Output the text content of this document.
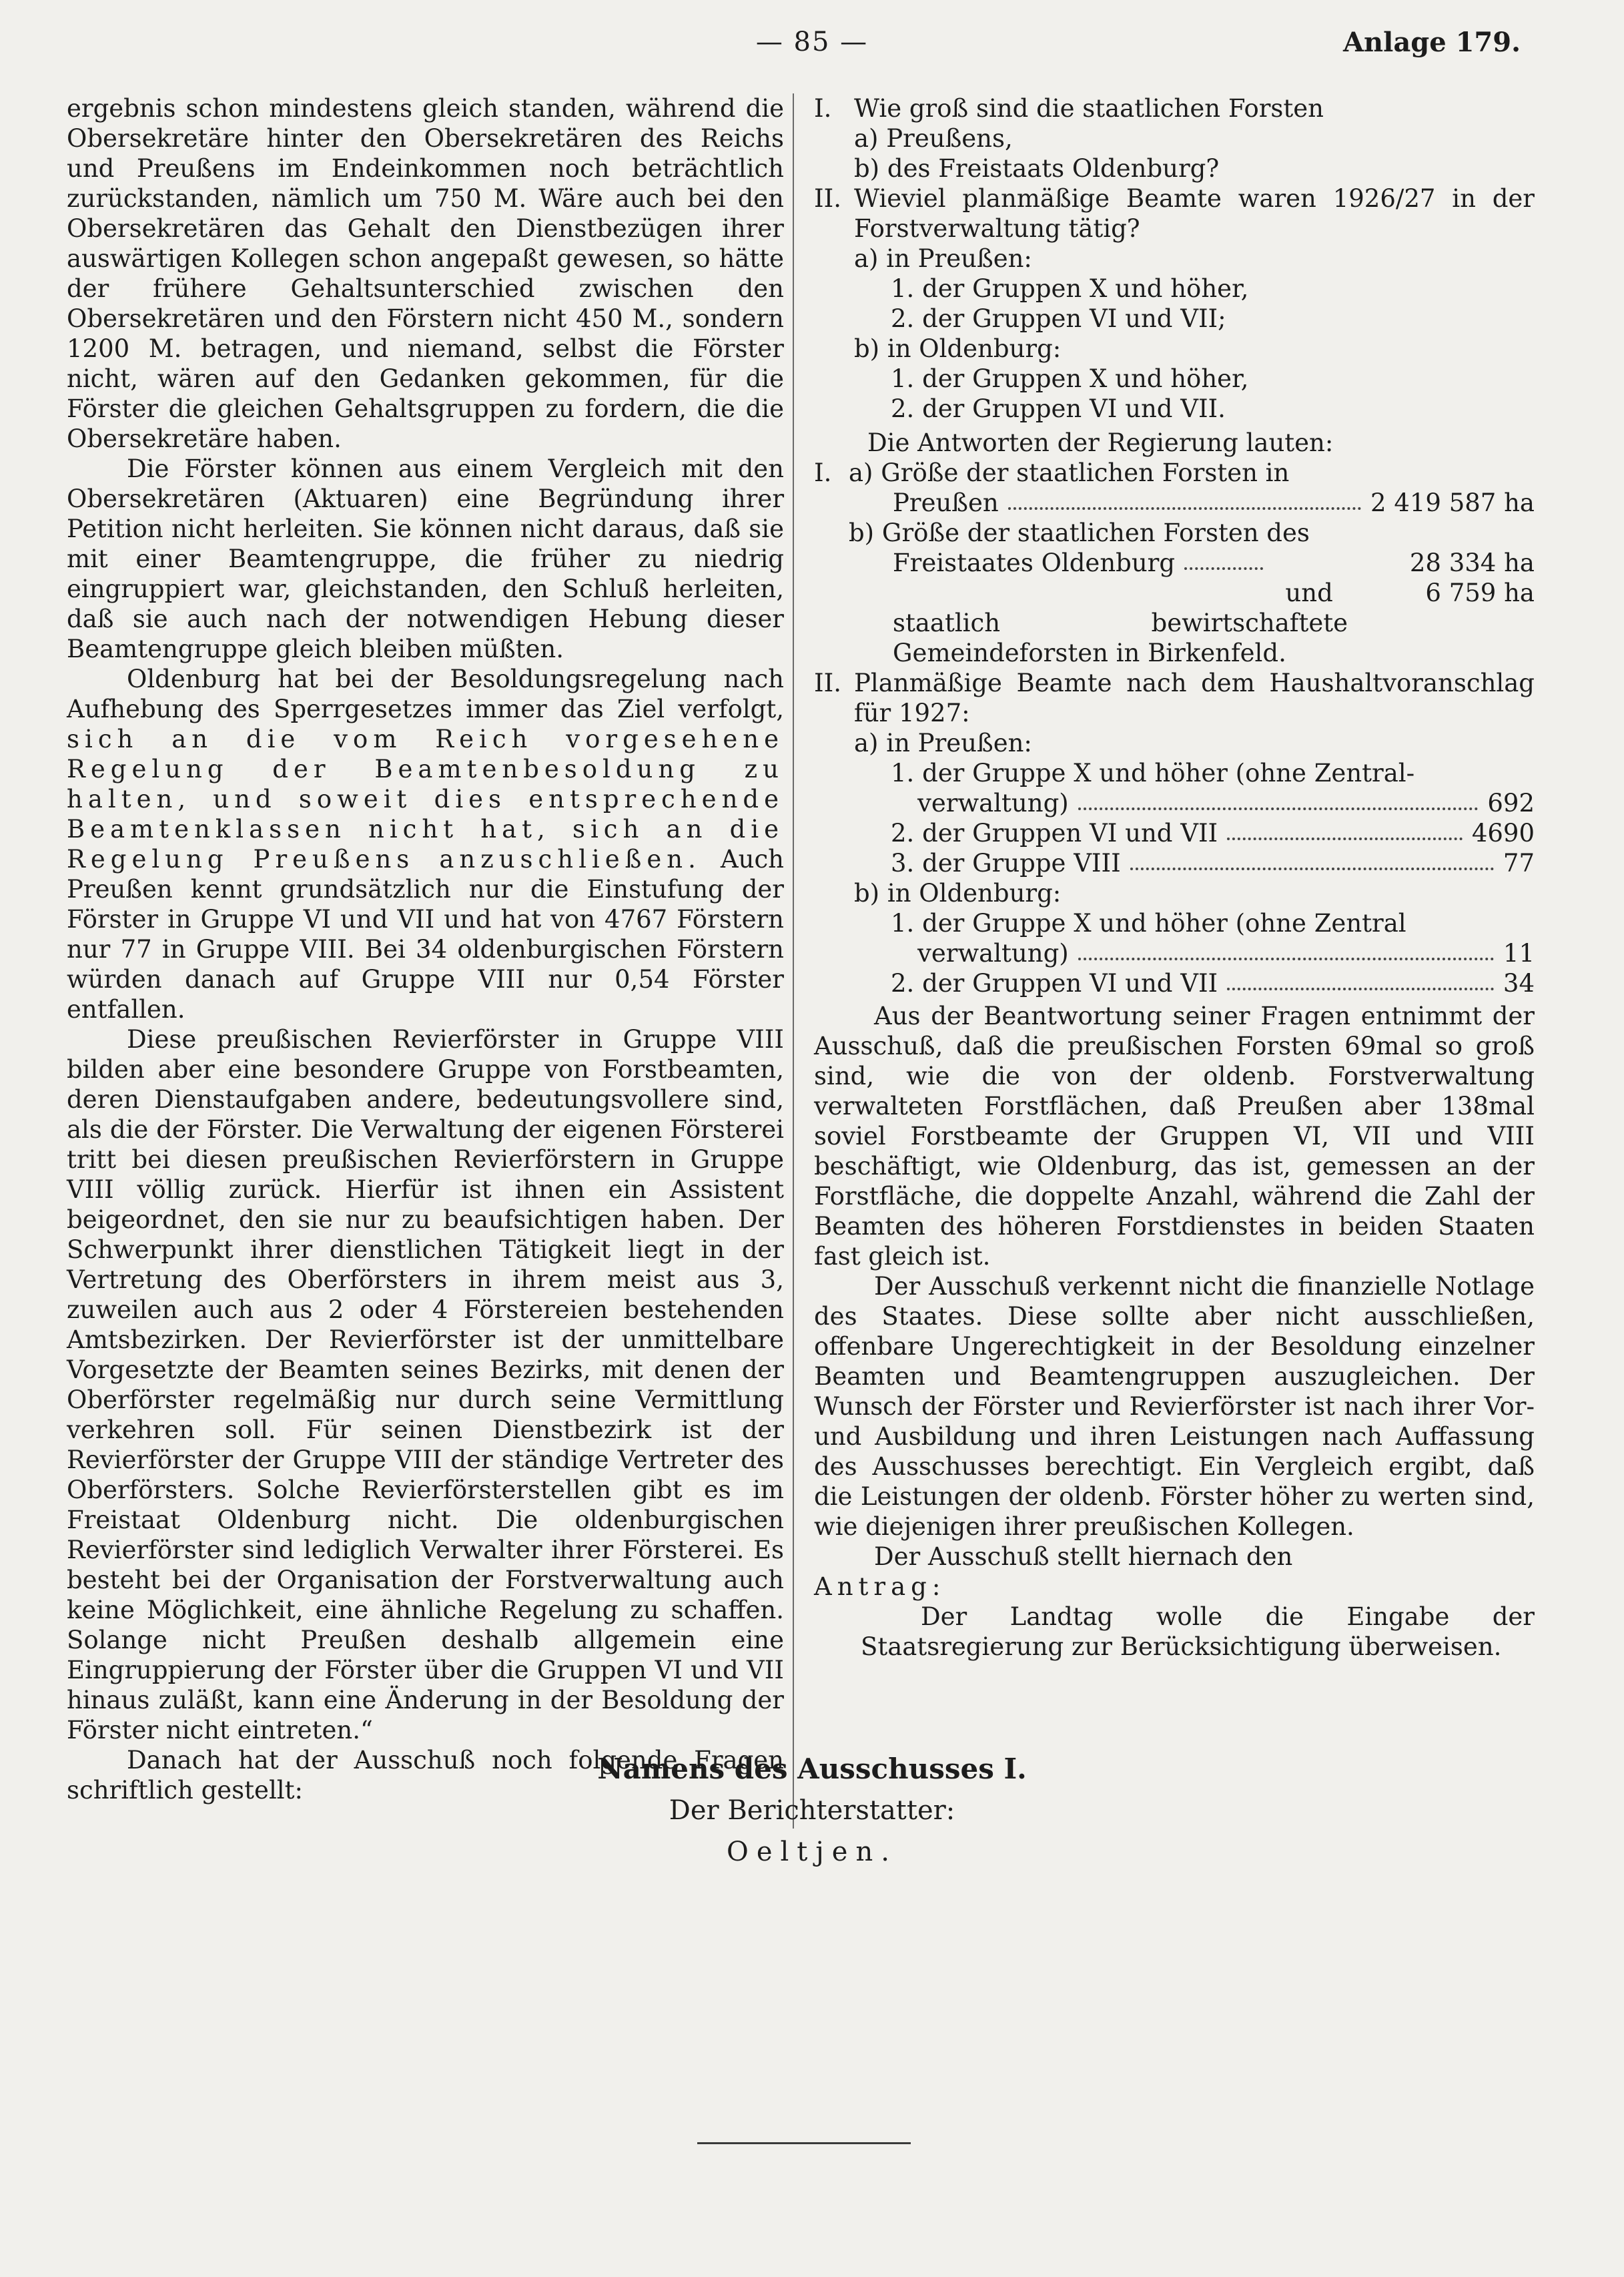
— 85 —	Anlage 179.

ergebnis schon mindestens gleich standen, während die Obersekretäre hinter den Obersekretären des Reichs und Preußens im Endeinkommen noch beträchtlich zurückstanden, nämlich um 750 M. Wäre auch bei den Obersekretären das Gehalt den Dienstbezügen ihrer auswärtigen Kollegen schon angepaßt gewesen, so hätte der frühere Gehaltsunterschied zwischen den Obersekretären und den Förstern nicht 450 M., sondern 1200 M. betragen, und niemand, selbst die Förster nicht, wären auf den Gedanken gekommen, für die Förster die gleichen Gehaltsgruppen zu fordern, die die Obersekretäre haben.

Die Förster können aus einem Vergleich mit den Obersekretären (Aktuaren) eine Begründung ihrer Petition nicht herleiten. Sie können nicht daraus, daß sie mit einer Beamtengruppe, die früher zu niedrig eingruppiert war, gleichstanden, den Schluß herleiten, daß sie auch nach der notwendigen Hebung dieser Beamtengruppe gleich bleiben müßten.

Oldenburg hat bei der Besoldungsregelung nach Aufhebung des Sperrgesetzes immer das Ziel verfolgt, sich an die vom Reich vorgesehene Regelung der Beamtenbesoldung zu halten, und soweit dies entsprechende Beamtenklassen nicht hat, sich an die Regelung Preußens anzuschließen. Auch Preußen kennt grundsätzlich nur die Einstufung der Förster in Gruppe VI und VII und hat von 4767 Förstern nur 77 in Gruppe VIII. Bei 34 oldenburgischen Förstern würden danach auf Gruppe VIII nur 0,54 Förster entfallen.

Diese preußischen Revierförster in Gruppe VIII bilden aber eine besondere Gruppe von Forstbeamten, deren Dienstaufgaben andere, bedeutungsvollere sind, als die der Förster. Die Verwaltung der eigenen Försterei tritt bei diesen preußischen Revierförstern in Gruppe VIII völlig zurück. Hierfür ist ihnen ein Assistent beigeordnet, den sie nur zu beaufsichtigen haben. Der Schwerpunkt ihrer dienstlichen Tätigkeit liegt in der Vertretung des Oberförsters in ihrem meist aus 3, zuweilen auch aus 2 oder 4 Förstereien bestehenden Amtsbezirken. Der Revierförster ist der unmittelbare Vorgesetzte der Beamten seines Bezirks, mit denen der Oberförster regelmäßig nur durch seine Vermittlung verkehren soll. Für seinen Dienstbezirk ist der Revierförster der Gruppe VIII der ständige Vertreter des Oberförsters. Solche Revierförsterstellen gibt es im Freistaat Oldenburg nicht. Die oldenburgischen Revierförster sind lediglich Verwalter ihrer Försterei. Es besteht bei der Organisation der Forstverwaltung auch keine Möglichkeit, eine ähnliche Regelung zu schaffen. Solange nicht Preußen deshalb allgemein eine Eingruppierung der Förster über die Gruppen VI und VII hinaus zuläßt, kann eine Änderung in der Besoldung der Förster nicht eintreten.“

Danach hat der Ausschuß noch folgende Fragen schriftlich gestellt:

I. Wie groß sind die staatlichen Forsten
a) Preußens,
b) des Freistaats Oldenburg?
II. Wieviel planmäßige Beamte waren 1926/27 in der Forstverwaltung tätig?
a) in Preußen:
1. der Gruppen X und höher,
2. der Gruppen VI und VII;
b) in Oldenburg:
1. der Gruppen X und höher,
2. der Gruppen VI und VII.
Die Antworten der Regierung lauten:
I. a) Größe der staatlichen Forsten in
Preußen	2 419 587 ha
b) Größe der staatlichen Forsten des
Freistaates Oldenburg	28 334 ha
und	6 759 ha
staatlich bewirtschaftete Gemeindeforsten in Birkenfeld.
II. Planmäßige Beamte nach dem Haushaltvoranschlag für 1927:
a) in Preußen:
1. der Gruppe X und höher (ohne Zentral-
verwaltung)	692
2. der Gruppen VI und VII	4690
3. der Gruppe VIII	77
b) in Oldenburg:
1. der Gruppe X und höher (ohne Zentral
verwaltung)	11
2. der Gruppen VI und VII	34

Aus der Beantwortung seiner Fragen entnimmt der Ausschuß, daß die preußischen Forsten 69mal so groß sind, wie die von der oldenb. Forstverwaltung verwalteten Forstflächen, daß Preußen aber 138mal soviel Forstbeamte der Gruppen VI, VII und VIII beschäftigt, wie Oldenburg, das ist, gemessen an der Forstfläche, die doppelte Anzahl, während die Zahl der Beamten des höheren Forstdienstes in beiden Staaten fast gleich ist.

Der Ausschuß verkennt nicht die finanzielle Notlage des Staates. Diese sollte aber nicht ausschließen, offenbare Ungerechtigkeit in der Besoldung einzelner Beamten und Beamtengruppen auszugleichen. Der Wunsch der Förster und Revierförster ist nach ihrer Vor- und Ausbildung und ihren Leistungen nach Auffassung des Ausschusses berechtigt. Ein Vergleich ergibt, daß die Leistungen der oldenb. Förster höher zu werten sind, wie diejenigen ihrer preußischen Kollegen.

Der Ausschuß stellt hiernach den

Antrag:

Der Landtag wolle die Eingabe der Staatsregierung zur Berücksichtigung überweisen.

Namens des Ausschusses I.
Der Berichterstatter:
Oeltjen.
